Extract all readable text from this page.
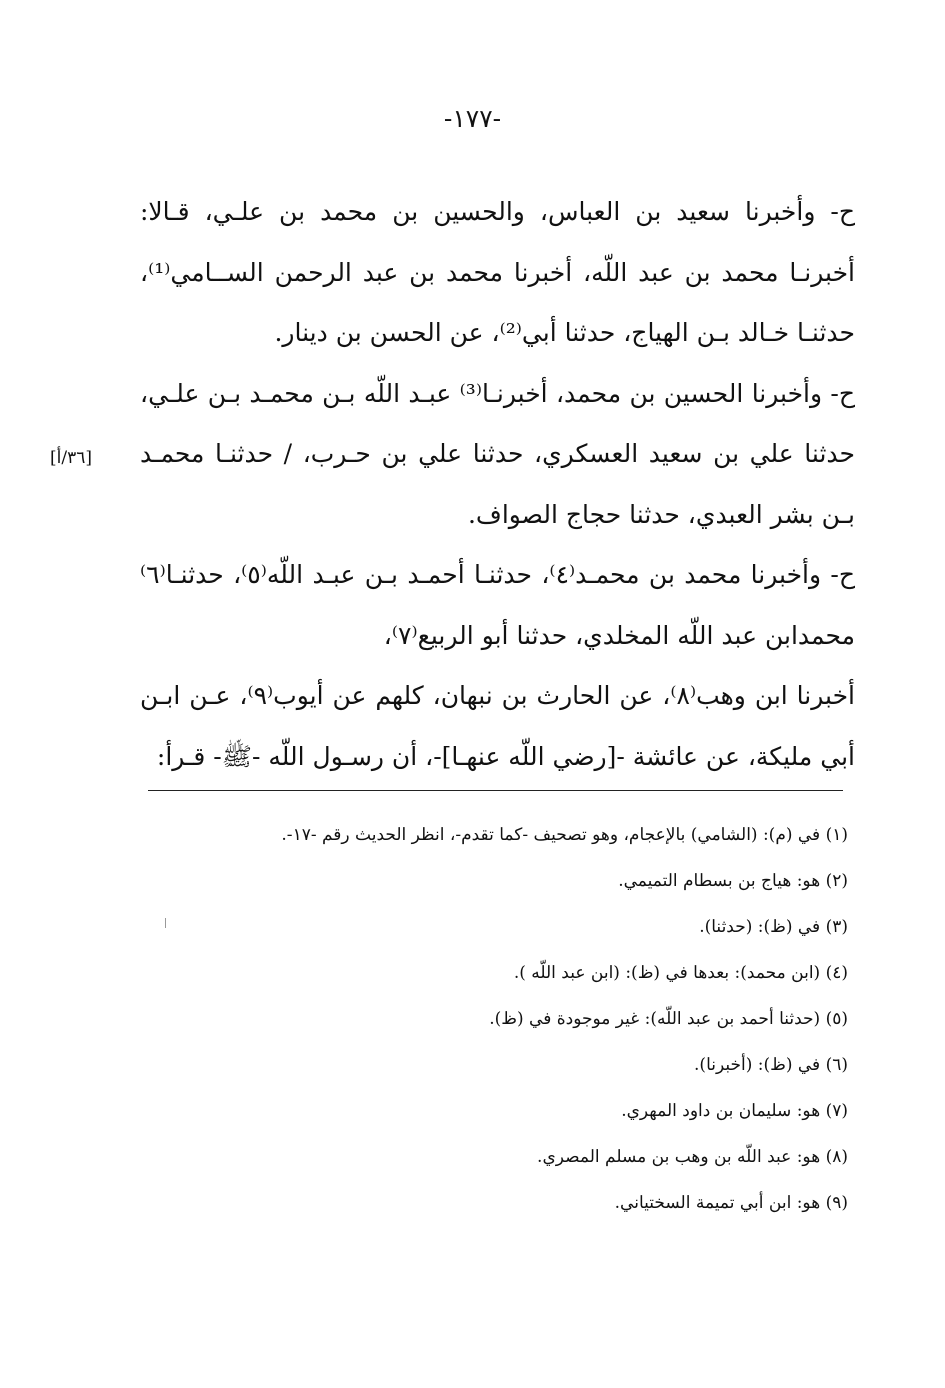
-١٧٧-
[٣٦/أ]

ح- وأخبرنا سعيد بن العباس، والحسين بن محمد بن علـي، قـالا: أخبرنـا محمد بن عبد اللّه، أخبرنا محمد بن عبد الرحمن الســامي⁽¹⁾، حدثنـا خـالد بـن الهياج، حدثنا أبي⁽²⁾، عن الحسن بن دينار.

ح- وأخبرنا الحسين بن محمد، أخبرنـا⁽³⁾ عبـد اللّه بـن محمـد بـن علـي، حدثنا علي بن سعيد العسكري، حدثنا علي بن حـرب، / حدثنـا محمـد بـن بشر العبدي، حدثنا حجاج الصواف.

ح- وأخبرنا محمد بن محمـد⁽٤⁾، حدثنـا أحمـد بـن عبـد اللّه⁽٥⁾، حدثنـا⁽٦⁾ محمدابن عبد اللّه المخلدي، حدثنا أبو الربيع⁽٧⁾،

أخبرنا ابن وهب⁽٨⁾، عن الحارث بن نبهان، كلهم عن أيوب⁽٩⁾، عـن ابـن أبي مليكة، عن عائشة -[رضي اللّه عنهـا]-، أن رسـول اللّه -ﷺ- قـرأ:

(١) في (م): (الشامي) بالإعجام، وهو تصحيف -كما تقدم-، انظر الحديث رقم -١٧-.

(٢) هو: هياج بن بسطام التميمي.

(٣) في (ظ): (حدثنا).

(٤) (ابن محمد): بعدها في (ظ): (ابن عبد اللّه ).

(٥) (حدثنا أحمد بن عبد اللّه): غير موجودة في (ظ).

(٦) في (ظ): (أخبرنا).

(٧) هو: سليمان بن داود المهري.

(٨) هو: عبد اللّه بن وهب بن مسلم المصري.

(٩) هو: ابن أبي تميمة السختياني.
